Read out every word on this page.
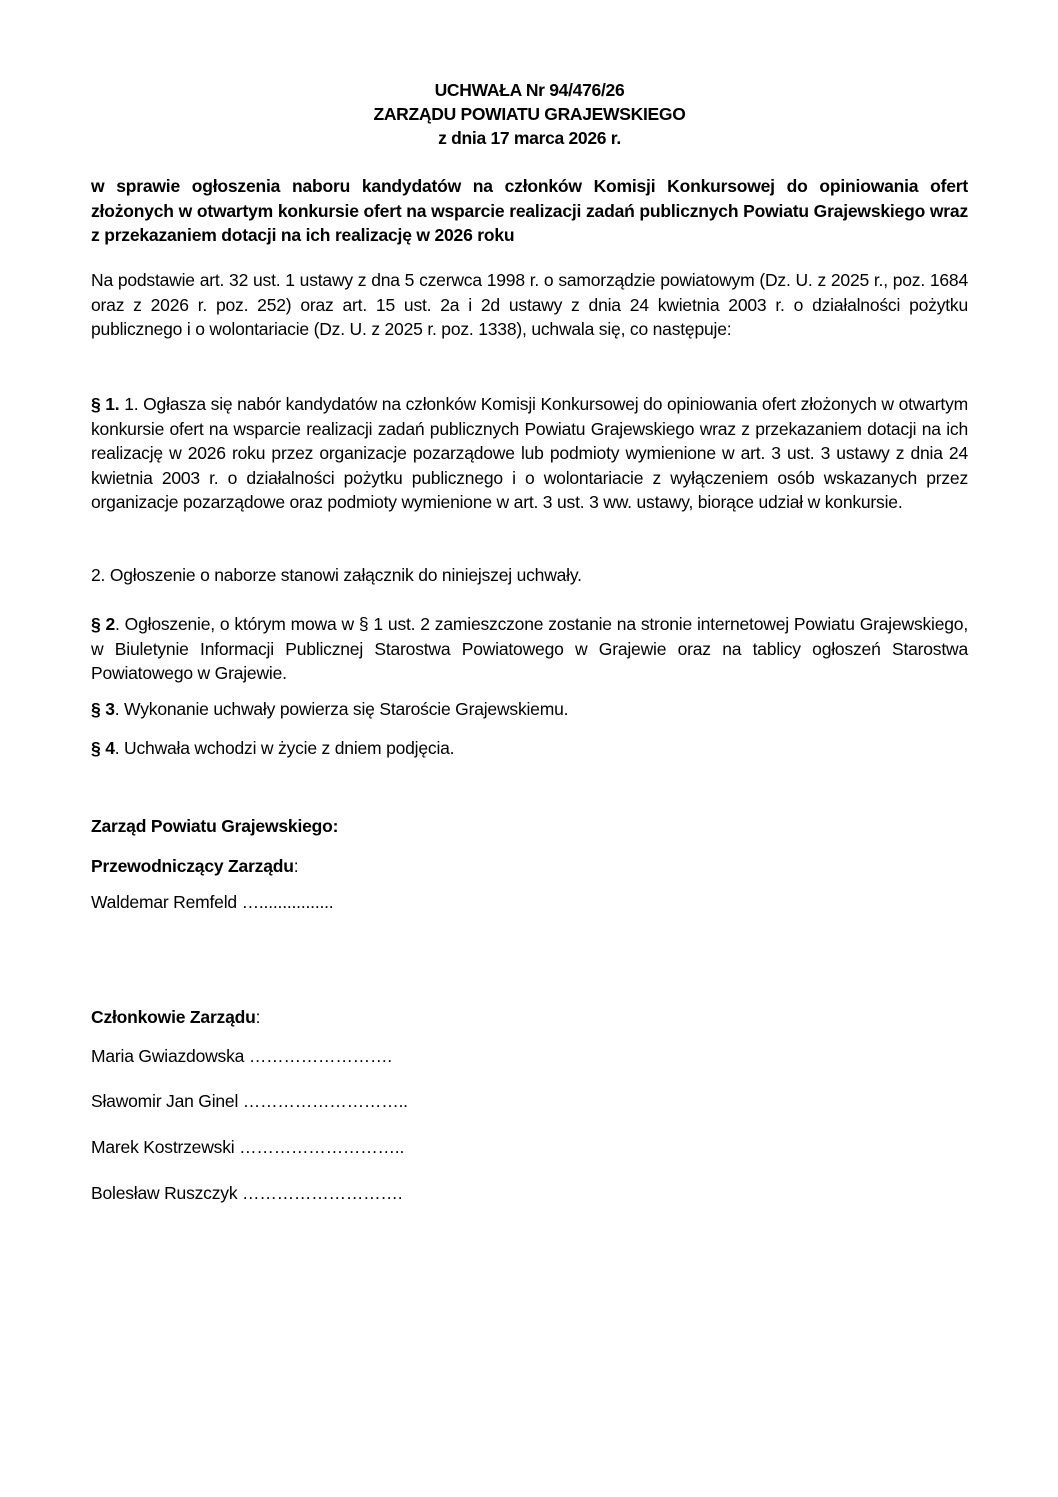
UCHWAŁA Nr 94/476/26
ZARZĄDU POWIATU GRAJEWSKIEGO
z dnia 17 marca 2026 r.
w sprawie ogłoszenia naboru kandydatów na członków Komisji Konkursowej do opiniowania ofert złożonych w otwartym konkursie ofert na wsparcie realizacji zadań publicznych Powiatu Grajewskiego wraz z przekazaniem dotacji na ich realizację w 2026 roku
Na podstawie art. 32 ust. 1 ustawy z dna 5 czerwca 1998 r. o samorządzie powiatowym (Dz. U. z 2025 r., poz. 1684 oraz z 2026 r. poz. 252) oraz art. 15 ust. 2a i 2d ustawy z dnia 24 kwietnia 2003 r. o działalności pożytku publicznego i o wolontariacie (Dz. U. z 2025 r. poz. 1338), uchwala się, co następuje:
§ 1. 1. Ogłasza się nabór kandydatów na członków Komisji Konkursowej do opiniowania ofert złożonych w otwartym konkursie ofert na wsparcie realizacji zadań publicznych Powiatu Grajewskiego wraz z przekazaniem dotacji na ich realizację w 2026 roku przez organizacje pozarządowe lub podmioty wymienione w art. 3 ust. 3 ustawy z dnia 24 kwietnia 2003 r. o działalności pożytku publicznego i o wolontariacie z wyłączeniem osób wskazanych przez organizacje pozarządowe oraz podmioty wymienione w art. 3 ust. 3 ww. ustawy, biorące udział w konkursie.
2. Ogłoszenie o naborze stanowi załącznik do niniejszej uchwały.
§ 2. Ogłoszenie, o którym mowa w § 1 ust. 2 zamieszczone zostanie na stronie internetowej Powiatu Grajewskiego, w Biuletynie Informacji Publicznej Starostwa Powiatowego w Grajewie oraz na tablicy ogłoszeń Starostwa Powiatowego w Grajewie.
§ 3. Wykonanie uchwały powierza się Staroście Grajewskiemu.
§ 4. Uchwała wchodzi w życie z dniem podjęcia.
Zarząd Powiatu Grajewskiego:
Przewodniczący Zarządu:
Waldemar Remfeld …................
Członkowie Zarządu:
Maria Gwiazdowska …………………….
Sławomir Jan Ginel ………………………..
Marek Kostrzewski ………………………..
Bolesław Ruszczyk ……………………….
